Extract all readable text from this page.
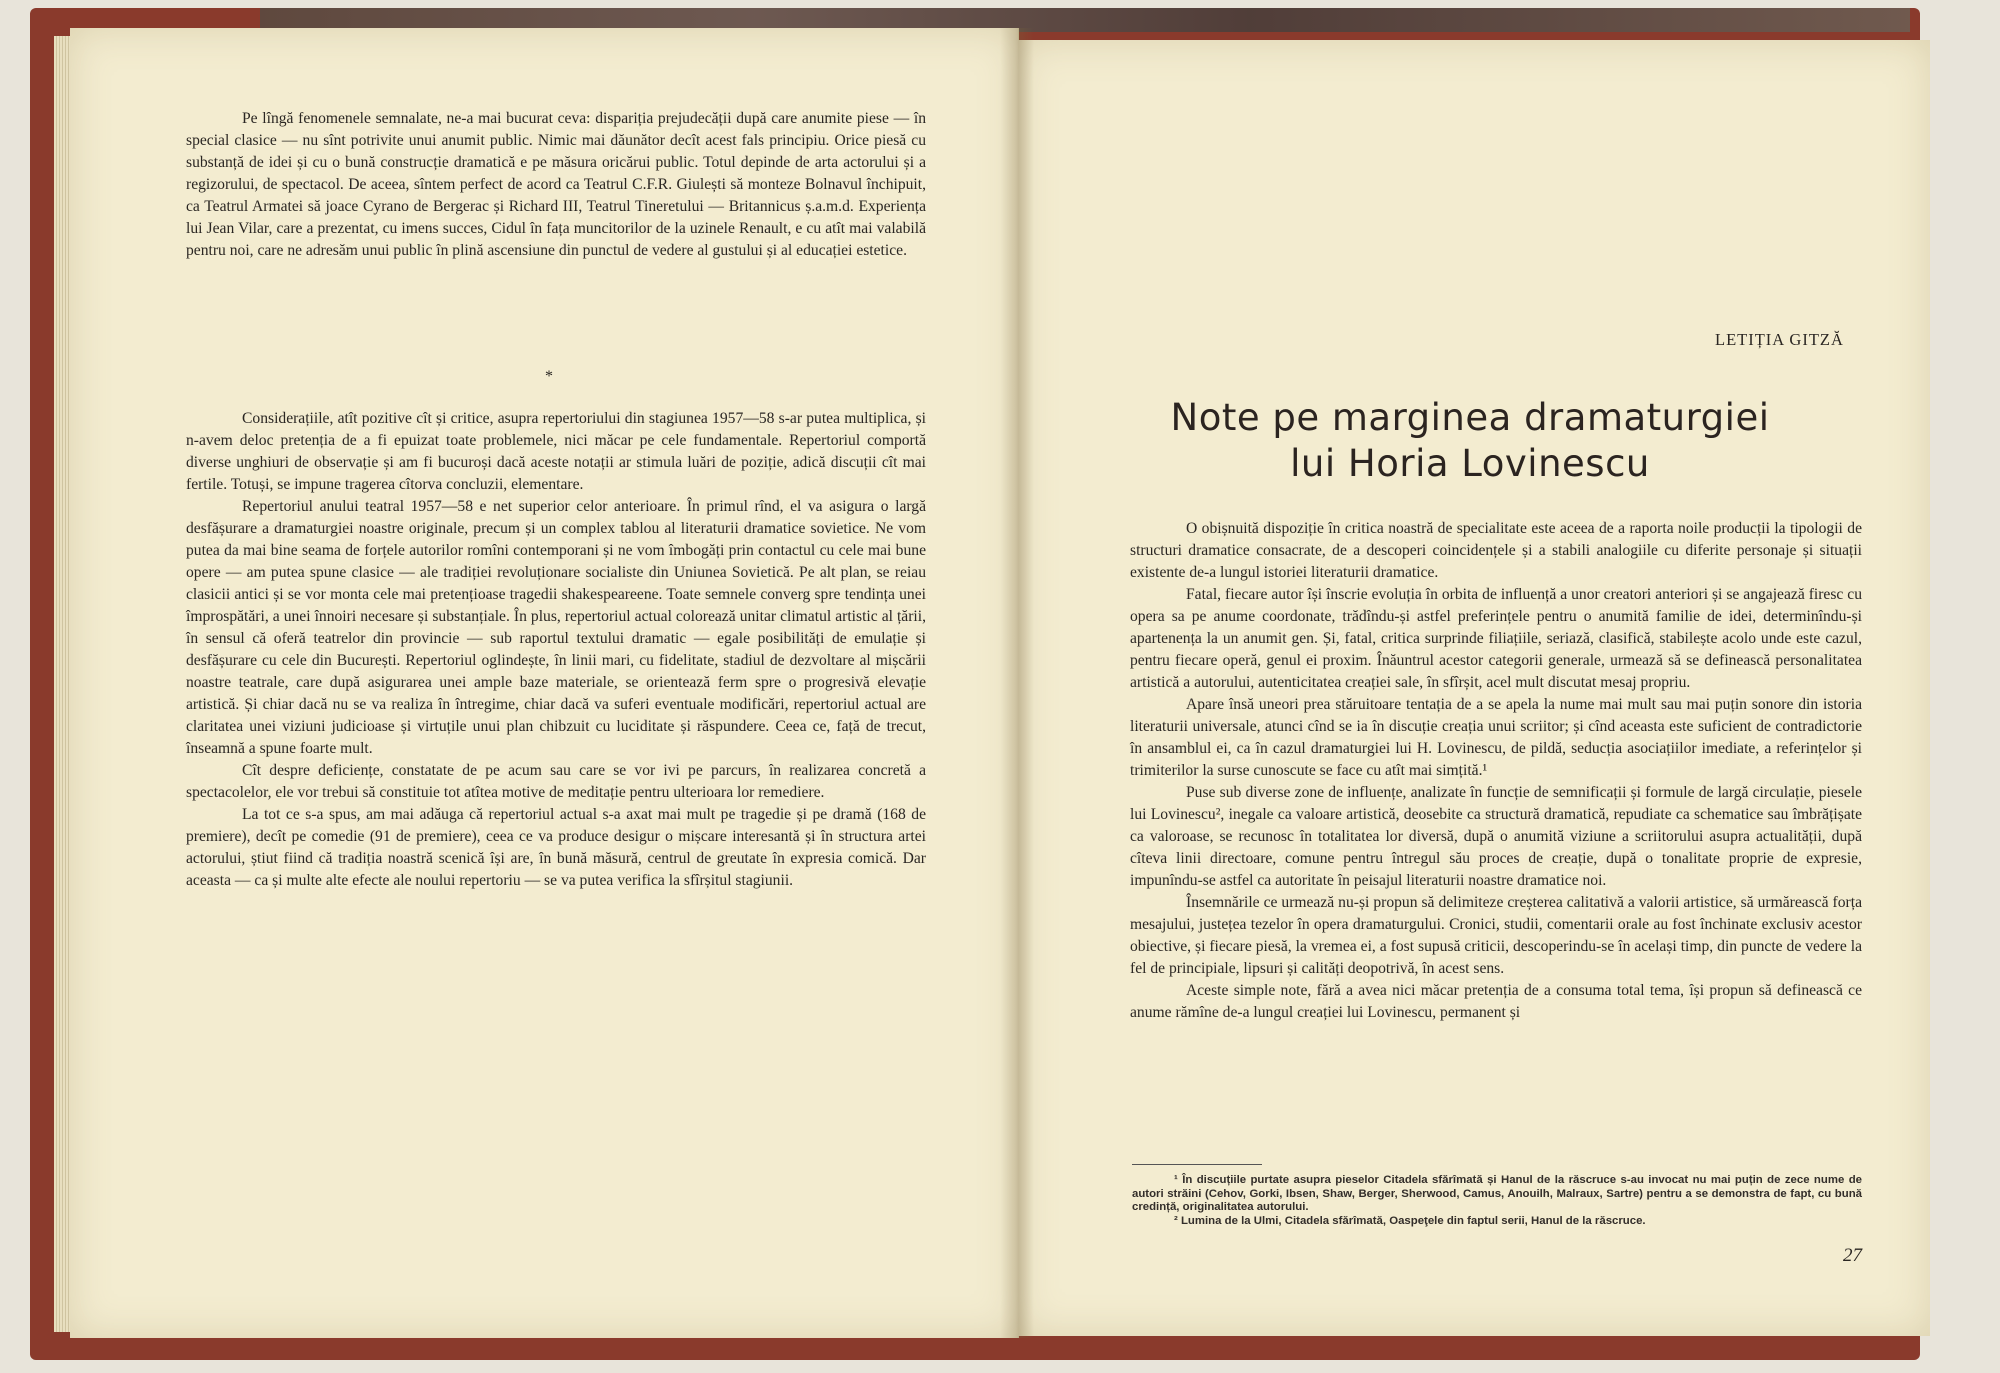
Pe lîngă fenomenele semnalate, ne-a mai bucurat ceva: dispariția prejudecății după care anumite piese — în special clasice — nu sînt potrivite unui anumit public. Nimic mai dăunător decît acest fals principiu. Orice piesă cu substanță de idei și cu o bună construcție dramatică e pe măsura oricărui public. Totul depinde de arta actorului și a regizorului, de spectacol. De aceea, sîntem perfect de acord ca Teatrul C.F.R. Giulești să monteze Bolnavul închipuit, ca Teatrul Armatei să joace Cyrano de Bergerac și Richard III, Teatrul Tineretului — Britannicus ș.a.m.d. Experiența lui Jean Vilar, care a prezentat, cu imens succes, Cidul în fața muncitorilor de la uzinele Renault, e cu atît mai valabilă pentru noi, care ne adresăm unui public în plină ascensiune din punctul de vedere al gustului și al educației estetice.

*

Considerațiile, atît pozitive cît și critice, asupra repertoriului din stagiunea 1957—58 s-ar putea multiplica, și n-avem deloc pretenția de a fi epuizat toate problemele, nici măcar pe cele fundamentale. Repertoriul comportă diverse unghiuri de observație și am fi bucuroși dacă aceste notații ar stimula luări de poziție, adică discuții cît mai fertile. Totuși, se impune tragerea cîtorva concluzii, elementare.

Repertoriul anului teatral 1957—58 e net superior celor anterioare. În primul rînd, el va asigura o largă desfășurare a dramaturgiei noastre originale, precum și un complex tablou al literaturii dramatice sovietice. Ne vom putea da mai bine seama de forțele autorilor romîni contemporani și ne vom îmbogăți prin contactul cu cele mai bune opere — am putea spune clasice — ale tradiției revoluționare socialiste din Uniunea Sovietică. Pe alt plan, se reiau clasicii antici și se vor monta cele mai pretențioase tragedii shakespeareene. Toate semnele converg spre tendința unei împrospătări, a unei înnoiri necesare și substanțiale. În plus, repertoriul actual colorează unitar climatul artistic al țării, în sensul că oferă teatrelor din provincie — sub raportul textului dramatic — egale posibilități de emulație și desfășurare cu cele din București. Repertoriul oglindește, în linii mari, cu fidelitate, stadiul de dezvoltare al mișcării noastre teatrale, care după asigurarea unei ample baze materiale, se orientează ferm spre o progresivă elevație artistică. Și chiar dacă nu se va realiza în întregime, chiar dacă va suferi eventuale modificări, repertoriul actual are claritatea unei viziuni judicioase și virtuțile unui plan chibzuit cu luciditate și răspundere. Ceea ce, față de trecut, înseamnă a spune foarte mult.

Cît despre deficiențe, constatate de pe acum sau care se vor ivi pe parcurs, în realizarea concretă a spectacolelor, ele vor trebui să constituie tot atîtea motive de meditație pentru ulterioara lor remediere.

La tot ce s-a spus, am mai adăuga că repertoriul actual s-a axat mai mult pe tragedie și pe dramă (168 de premiere), decît pe comedie (91 de premiere), ceea ce va produce desigur o mișcare interesantă și în structura artei actorului, știut fiind că tradiția noastră scenică își are, în bună măsură, centrul de greutate în expresia comică. Dar aceasta — ca și multe alte efecte ale noului repertoriu — se va putea verifica la sfîrșitul stagiunii.

LETIȚIA GITZĂ
Note pe marginea dramaturgiei
lui Horia Lovinescu

O obișnuită dispoziție în critica noastră de specialitate este aceea de a raporta noile producții la tipologii de structuri dramatice consacrate, de a descoperi coincidențele și a stabili analogiile cu diferite personaje și situații existente de-a lungul istoriei literaturii dramatice.

Fatal, fiecare autor își înscrie evoluția în orbita de influență a unor creatori anteriori și se angajează firesc cu opera sa pe anume coordonate, trădîndu-și astfel preferințele pentru o anumită familie de idei, determinîndu-și apartenența la un anumit gen. Și, fatal, critica surprinde filiațiile, seriază, clasifică, stabilește acolo unde este cazul, pentru fiecare operă, genul ei proxim. Înăuntrul acestor categorii generale, urmează să se definească personalitatea artistică a autorului, autenticitatea creației sale, în sfîrșit, acel mult discutat mesaj propriu.

Apare însă uneori prea stăruitoare tentația de a se apela la nume mai mult sau mai puțin sonore din istoria literaturii universale, atunci cînd se ia în discuție creația unui scriitor; și cînd aceasta este suficient de contradictorie în ansamblul ei, ca în cazul dramaturgiei lui H. Lovinescu, de pildă, seducția asociațiilor imediate, a referințelor și trimiterilor la surse cunoscute se face cu atît mai simțită.¹

Puse sub diverse zone de influențe, analizate în funcție de semnificații și formule de largă circulație, piesele lui Lovinescu², inegale ca valoare artistică, deosebite ca structură dramatică, repudiate ca schematice sau îmbrățișate ca valoroase, se recunosc în totalitatea lor diversă, după o anumită viziune a scriitorului asupra actualității, după cîteva linii directoare, comune pentru întregul său proces de creație, după o tonalitate proprie de expresie, impunîndu-se astfel ca autoritate în peisajul literaturii noastre dramatice noi.

Însemnările ce urmează nu-și propun să delimiteze creșterea calitativă a valorii artistice, să urmărească forța mesajului, justețea tezelor în opera dramaturgului. Cronici, studii, comentarii orale au fost închinate exclusiv acestor obiective, și fiecare piesă, la vremea ei, a fost supusă criticii, descoperindu-se în același timp, din puncte de vedere la fel de principiale, lipsuri și calități deopotrivă, în acest sens.

Aceste simple note, fără a avea nici măcar pretenția de a consuma total tema, își propun să definească ce anume rămîne de-a lungul creației lui Lovinescu, permanent și

¹ În discuțiile purtate asupra pieselor Citadela sfărîmată și Hanul de la răscruce s-au invocat nu mai puțin de zece nume de autori străini (Cehov, Gorki, Ibsen, Shaw, Berger, Sherwood, Camus, Anouilh, Malraux, Sartre) pentru a se demonstra de fapt, cu bună credință, originalitatea autorului.

² Lumina de la Ulmi, Citadela sfărîmată, Oaspeţele din faptul serii, Hanul de la răscruce.

27
